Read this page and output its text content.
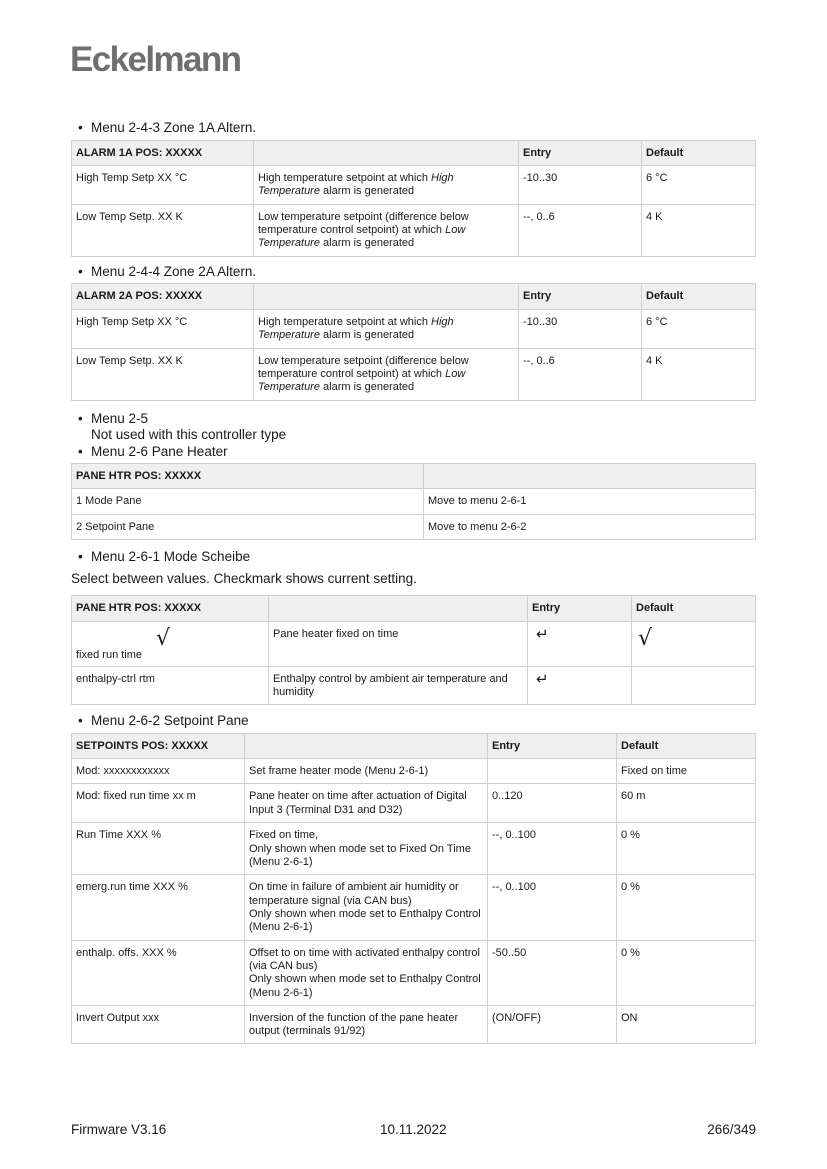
Eckelmann
• Menu 2-4-3 Zone 1A Altern.
ALARM 1A POS: XXXXX		Entry	Default
High Temp Setp XX °C	High temperature setpoint at which High Temperature alarm is generated	-10..30	6 °C
Low Temp Setp. XX K	Low temperature setpoint (difference below temperature control setpoint) at which Low Temperature alarm is generated	--, 0..6	4 K
• Menu 2-4-4 Zone 2A Altern.
ALARM 2A POS: XXXXX		Entry	Default
High Temp Setp XX °C	High temperature setpoint at which High Temperature alarm is generated	-10..30	6 °C
Low Temp Setp. XX K	Low temperature setpoint (difference below temperature control setpoint) at which Low Temperature alarm is generated	--, 0..6	4 K
• Menu 2-5
Not used with this controller type
• Menu 2-6 Pane Heater
PANE HTR POS: XXXXX	
1 Mode Pane	Move to menu 2-6-1
2 Setpoint Pane	Move to menu 2-6-2
• Menu 2-6-1 Mode Scheibe
Select between values. Checkmark shows current setting.
PANE HTR POS: XXXXX		Entry	Default

fixed run time
√	Pane heater fixed on time	↵	√
enthalpy-ctrl rtm	Enthalpy control by ambient air temperature and humidity	↵	
• Menu 2-6-2 Setpoint Pane
SETPOINTS POS: XXXXX		Entry	Default
Mod: xxxxxxxxxxxx	Set frame heater mode (Menu 2-6-1)		Fixed on time
Mod: fixed run time xx m	Pane heater on time after actuation of Digital Input 3 (Terminal D31 and D32)	0..120	60 m
Run Time XXX %	Fixed on time,
Only shown when mode set to Fixed On Time
(Menu 2-6-1)	--, 0..100	0 %
emerg.run time XXX %	On time in failure of ambient air humidity or temperature signal (via CAN bus)
Only shown when mode set to Enthalpy Control
(Menu 2-6-1)	--, 0..100	0 %
enthalp. offs. XXX %	Offset to on time with activated enthalpy control (via CAN bus)
Only shown when mode set to Enthalpy Control
(Menu 2-6-1)	-50..50	0 %
Invert Output xxx	Inversion of the function of the pane heater output (terminals 91/92)	(ON/OFF)	ON
Firmware V3.16	10.11.2022	266/349
